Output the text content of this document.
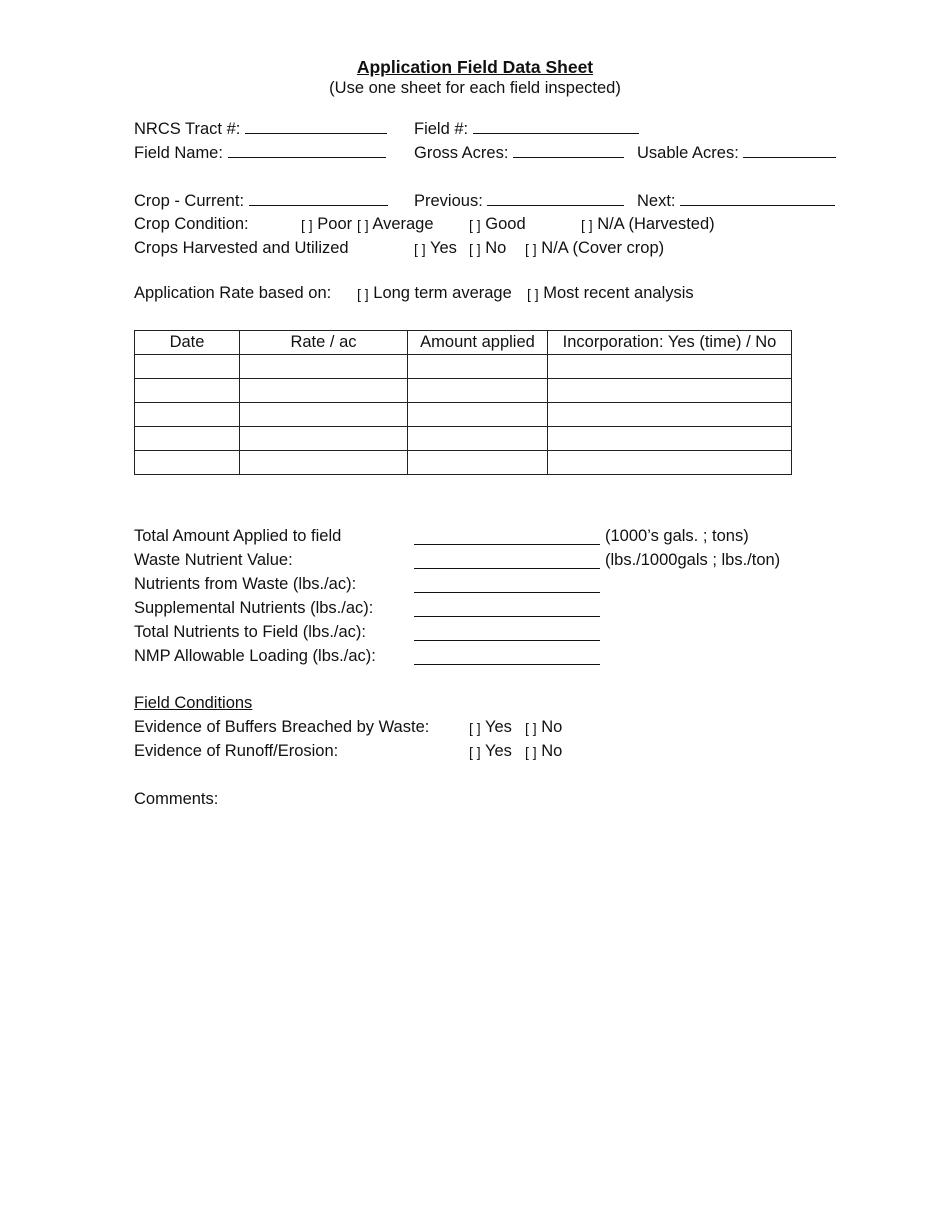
Application Field Data Sheet
(Use one sheet for each field inspected)
NRCS Tract #:	Field #:
Field Name:	Gross Acres:	Usable Acres:
Crop - Current:	Previous:	Next:
Crop Condition:	[ ] Poor [ ] Average	[ ] Good	[ ] N/A (Harvested)
Crops Harvested and Utilized	[ ] Yes [ ] No [ ] N/A (Cover crop)
Application Rate based on: [ ] Long term average [ ] Most recent analysis
Date	Rate / ac	Amount applied	Incorporation: Yes (time) / No

Total Amount Applied to field	(1000’s gals. ; tons)
Waste Nutrient Value:	(lbs./1000gals ; lbs./ton)
Nutrients from Waste (lbs./ac):
Supplemental Nutrients (lbs./ac):
Total Nutrients to Field (lbs./ac):
NMP Allowable Loading (lbs./ac):
Field Conditions
Evidence of Buffers Breached by Waste:	[ ] Yes [ ] No
Evidence of Runoff/Erosion:	[ ] Yes [ ] No
Comments:
